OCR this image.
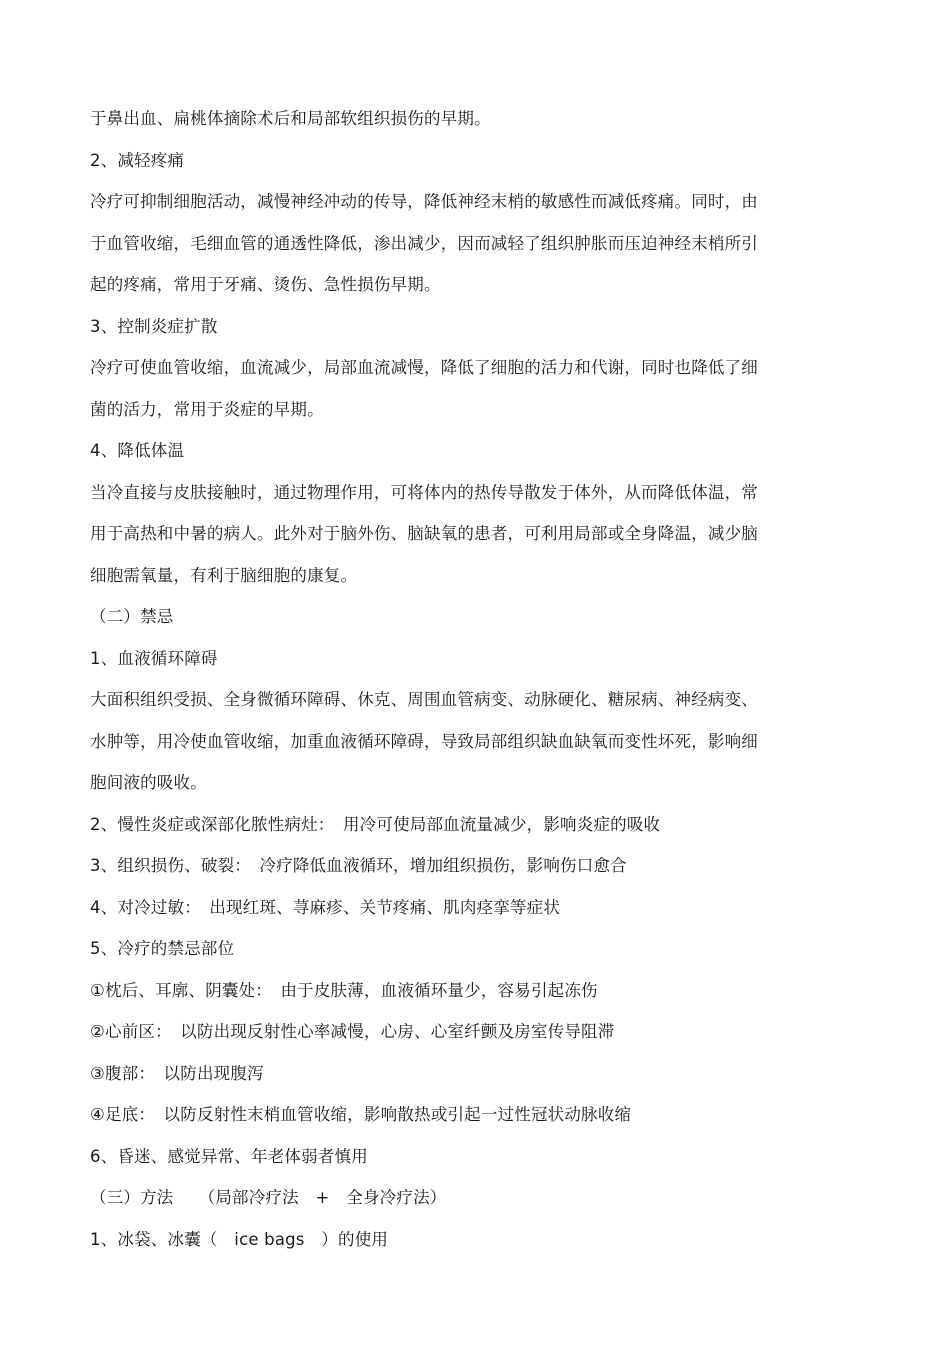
于鼻出血、扁桃体摘除术后和局部软组织损伤的早期。
2、减轻疼痛
冷疗可抑制细胞活动，减慢神经冲动的传导，降低神经末梢的敏感性而减低疼痛。同时，由
于血管收缩，毛细血管的通透性降低，渗出减少，因而减轻了组织肿胀而压迫神经末梢所引
起的疼痛，常用于牙痛、烫伤、急性损伤早期。
3、控制炎症扩散
冷疗可使血管收缩，血流减少，局部血流减慢，降低了细胞的活力和代谢，同时也降低了细
菌的活力，常用于炎症的早期。
4、降低体温
当冷直接与皮肤接触时，通过物理作用，可将体内的热传导散发于体外，从而降低体温，常
用于高热和中暑的病人。此外对于脑外伤、脑缺氧的患者，可利用局部或全身降温，减少脑
细胞需氧量，有利于脑细胞的康复。
（二）禁忌
1、血液循环障碍
大面积组织受损、全身微循环障碍、休克、周围血管病变、动脉硬化、糖尿病、神经病变、
水肿等，用冷使血管收缩，加重血液循环障碍，导致局部组织缺血缺氧而变性坏死，影响细
胞间液的吸收。
2、慢性炎症或深部化脓性病灶：　用冷可使局部血流量减少，影响炎症的吸收
3、组织损伤、破裂：　冷疗降低血液循环，增加组织损伤，影响伤口愈合
4、对冷过敏：　出现红斑、荨麻疹、关节疼痛、肌肉痉挛等症状
5、冷疗的禁忌部位
①枕后、耳廓、阴囊处：　由于皮肤薄，血液循环量少，容易引起冻伤
②心前区：　以防出现反射性心率减慢，心房、心室纤颤及房室传导阻滞
③腹部：　以防出现腹泻
④足底：　以防反射性末梢血管收缩，影响散热或引起一过性冠状动脉收缩
6、昏迷、感觉异常、年老体弱者慎用
（三）方法　　（局部冷疗法　+　全身冷疗法）
1、冰袋、冰囊（　ice bags　）的使用
